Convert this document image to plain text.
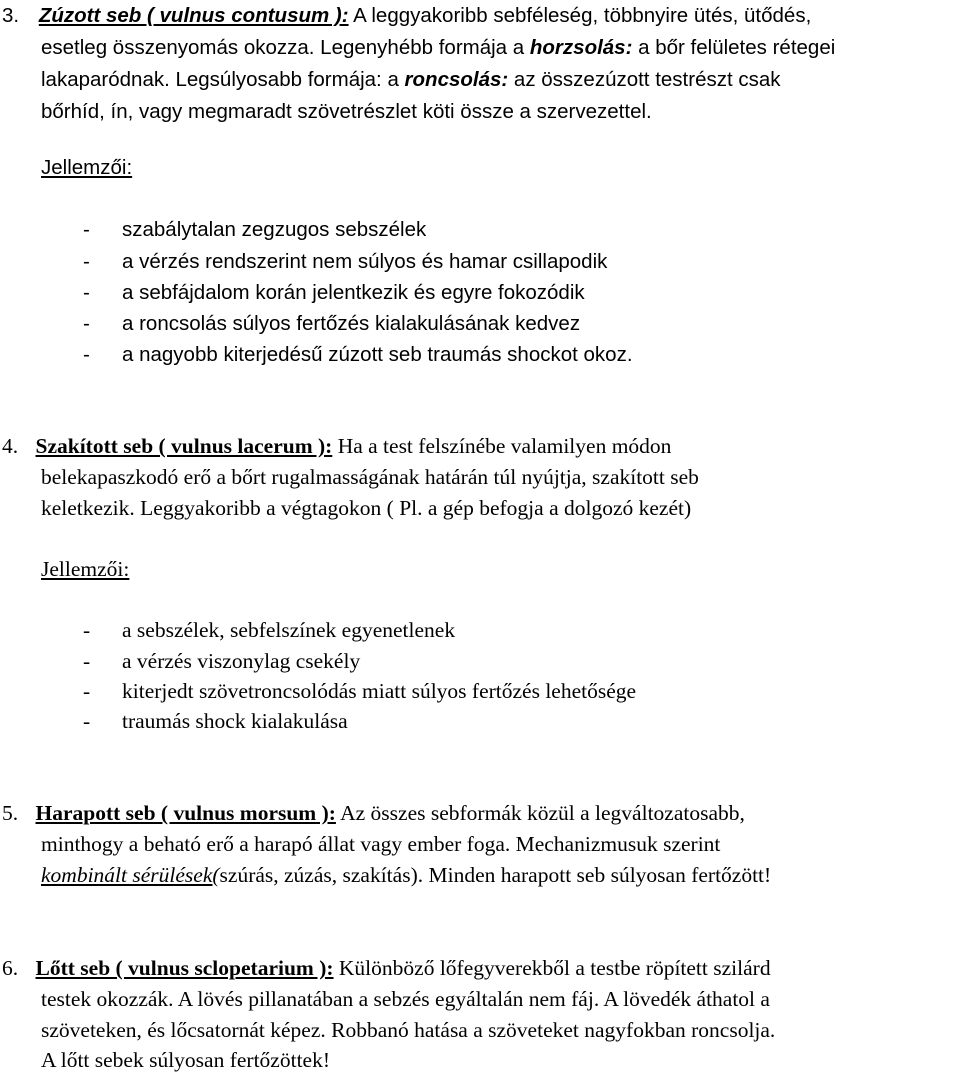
3. Zúzott seb ( vulnus contusum ): A leggyakoribb sebféleség, többnyire ütés, ütődés,
esetleg összenyomás okozza. Legenyhébb formája a horzsolás: a bőr felületes rétegei
lakaparódnak. Legsúlyosabb formája: a roncsolás: az összezúzott testrészt csak
bőrhíd, ín, vagy megmaradt szövetrészlet köti össze a szervezettel.
Jellemzői:
- szabálytalan zegzugos sebszélek
- a vérzés rendszerint nem súlyos és hamar csillapodik
- a sebfájdalom korán jelentkezik és egyre fokozódik
- a roncsolás súlyos fertőzés kialakulásának kedvez
- a nagyobb kiterjedésű zúzott seb traumás shockot okoz.
4. Szakított seb ( vulnus lacerum ): Ha a test felszínébe valamilyen módon
belekapaszkodó erő a bőrt rugalmasságának határán túl nyújtja, szakított seb
keletkezik. Leggyakoribb a végtagokon ( Pl. a gép befogja a dolgozó kezét)
Jellemzői:
- a sebszélek, sebfelszínek egyenetlenek
- a vérzés viszonylag csekély
- kiterjedt szövetroncsolódás miatt súlyos fertőzés lehetősége
- traumás shock kialakulása
5. Harapott seb ( vulnus morsum ): Az összes sebformák közül a legváltozatosabb,
minthogy a beható erő a harapó állat vagy ember foga. Mechanizmusuk szerint
kombinált sérülések(szúrás, zúzás, szakítás). Minden harapott seb súlyosan fertőzött!
6. Lőtt seb ( vulnus sclopetarium ): Különböző lőfegyverekből a testbe röpített szilárd
testek okozzák. A lövés pillanatában a sebzés egyáltalán nem fáj. A lövedék áthatol a
szöveteken, és lőcsatornát képez. Robbanó hatása a szöveteket nagyfokban roncsolja.
A lőtt sebek súlyosan fertőzöttek!
